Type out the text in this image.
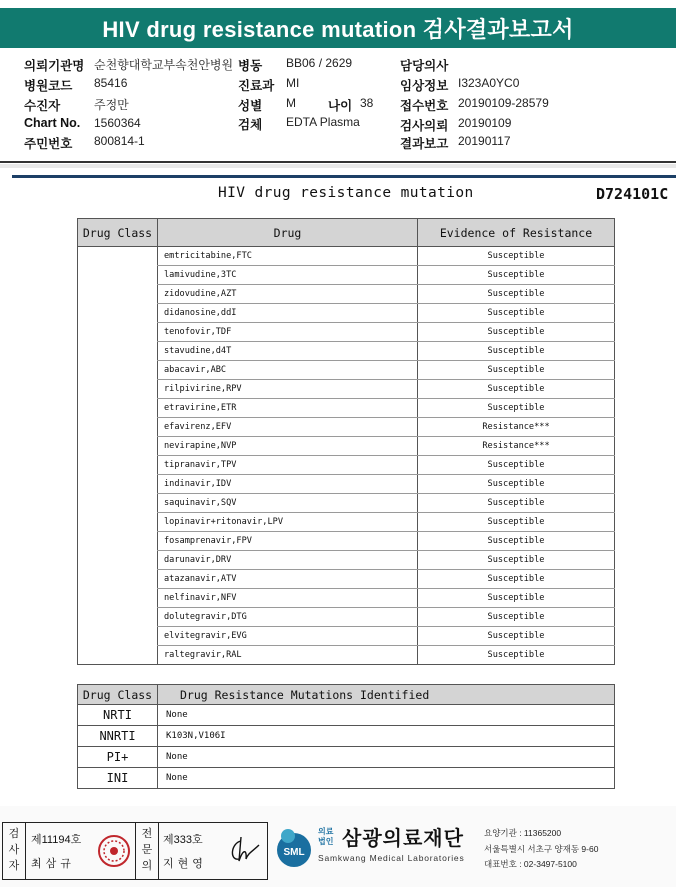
HIV drug resistance mutation 검사결과보고서
의뢰기관명 순천향대학교부속천안병원 병동 BB06 / 2629	담당의사
병원코드 85416	진료과 MI	임상정보 I323A0YC0
수진자	주정만	성별 M	나이 38 접수번호 20190109-28579
Chart No. 1560364	검체 EDTA Plasma	검사의뢰 20190109
주민번호 800814-1	결과보고 20190117
HIV drug resistance mutation	D724101C
Drug Class	Drug	Evidence of Resistance
	emtricitabine,FTC	Susceptible
	lamivudine,3TC	Susceptible
	zidovudine,AZT	Susceptible
	didanosine,ddI	Susceptible
	tenofovir,TDF	Susceptible
	stavudine,d4T	Susceptible
	abacavir,ABC	Susceptible
	rilpivirine,RPV	Susceptible
	etravirine,ETR	Susceptible
	efavirenz,EFV	Resistance***
	nevirapine,NVP	Resistance***
	tipranavir,TPV	Susceptible
	indinavir,IDV	Susceptible
	saquinavir,SQV	Susceptible
	lopinavir+ritonavir,LPV	Susceptible
	fosamprenavir,FPV	Susceptible
	darunavir,DRV	Susceptible
	atazanavir,ATV	Susceptible
	nelfinavir,NFV	Susceptible
	dolutegravir,DTG	Susceptible
	elvitegravir,EVG	Susceptible
	raltegravir,RAL	Susceptible
Drug Class	Drug Resistance Mutations Identified
NRTI	None
NNRTI	K103N,V106I
PI+	None
INI	None
검사자
제11194호
최삼규
전문의
제333호
지현영
SML
의료
법인 삼광의료재단
Samkwang Medical Laboratories
요양기관 : 11365200
서울특별시 서초구 양재동 9-60
대표번호 : 02-3497-5100
